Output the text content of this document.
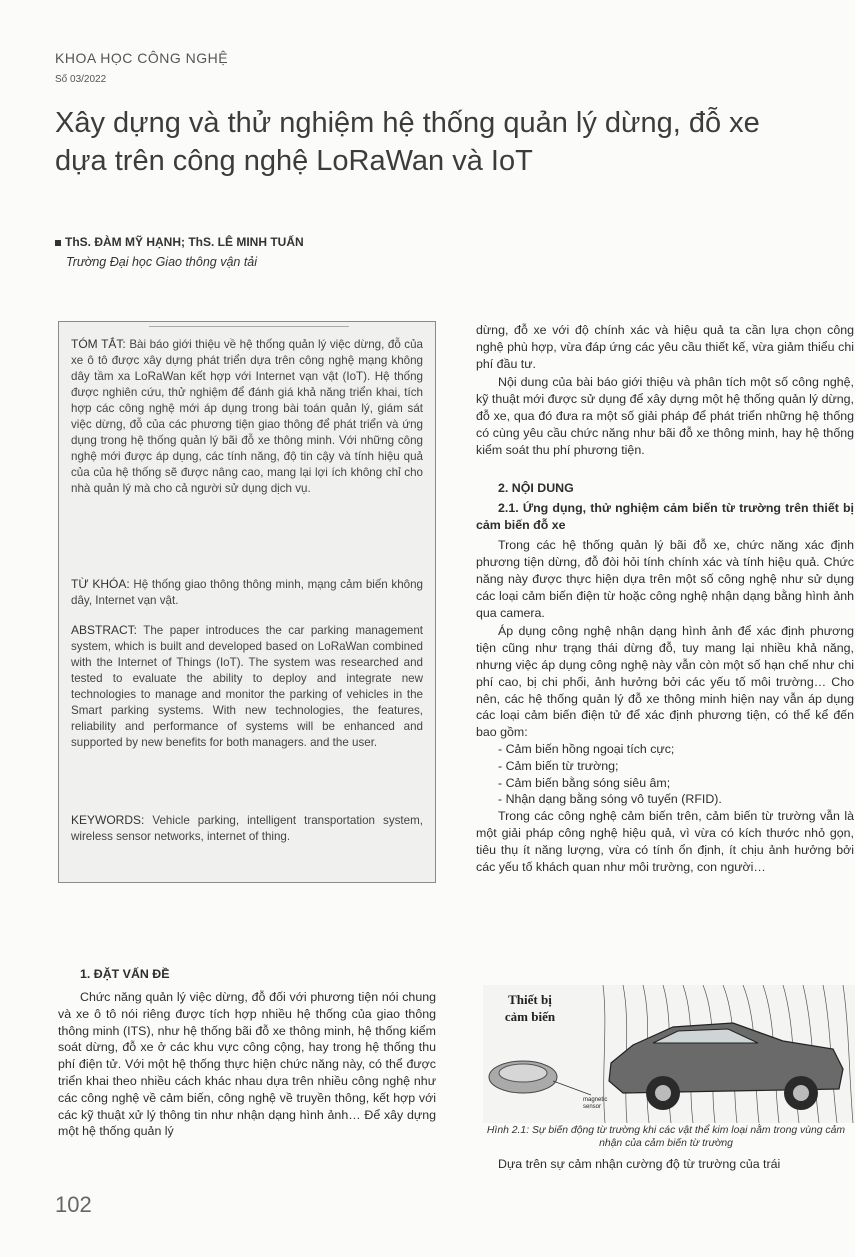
KHOA HỌC CÔNG NGHỆ
Số 03/2022
Xây dựng và thử nghiệm hệ thống quản lý dừng, đỗ xe dựa trên công nghệ LoRaWan và IoT
ThS. ĐÀM MỸ HẠNH; ThS. LÊ MINH TUẤN
Trường Đại học Giao thông vận tải
TÓM TẮT: Bài báo giới thiệu về hệ thống quản lý việc dừng, đỗ của xe ô tô được xây dựng phát triển dựa trên công nghệ mạng không dây tầm xa LoRaWan kết hợp với Internet vạn vật (IoT). Hệ thống được nghiên cứu, thử nghiệm để đánh giá khả năng triển khai, tích hợp các công nghệ mới áp dụng trong bài toán quản lý, giám sát việc dừng, đỗ của các phương tiện giao thông để phát triển và ứng dụng trong hệ thống quản lý bãi đỗ xe thông minh. Với những công nghệ mới được áp dụng, các tính năng, độ tin cậy và tính hiệu quả của của hệ thống sẽ được nâng cao, mang lại lợi ích không chỉ cho nhà quản lý mà cho cả người sử dụng dịch vụ.
TỪ KHÓA: Hệ thống giao thông thông minh, mạng cảm biến không dây, Internet vạn vật.
ABSTRACT: The paper introduces the car parking management system, which is built and developed based on LoRaWan combined with the Internet of Things (IoT). The system was researched and tested to evaluate the ability to deploy and integrate new technologies to manage and monitor the parking of vehicles in the Smart parking systems. With new technologies, the features, reliability and performance of systems will be enhanced and supported by new benefits for both managers. and the user.
KEYWORDS: Vehicle parking, intelligent transportation system, wireless sensor networks, internet of thing.

1. ĐẶT VẤN ĐỀ

Chức năng quản lý việc dừng, đỗ đối với phương tiện nói chung và xe ô tô nói riêng được tích hợp nhiều hệ thống của giao thông thông minh (ITS), như hệ thống bãi đỗ xe thông minh, hệ thống kiểm soát dừng, đỗ xe ở các khu vực công cộng, hay trong hệ thống thu phí điện tử. Với một hệ thống thực hiện chức năng này, có thể được triển khai theo nhiều cách khác nhau dựa trên nhiều công nghệ như các công nghệ về cảm biến, công nghệ về truyền thông, kết hợp với các kỹ thuật xử lý thông tin như nhận dạng hình ảnh… Để xây dựng một hệ thống quản lý

dừng, đỗ xe với độ chính xác và hiệu quả ta cần lựa chọn công nghệ phù hợp, vừa đáp ứng các yêu cầu thiết kế, vừa giảm thiểu chi phí đầu tư.

Nội dung của bài báo giới thiệu và phân tích một số công nghệ, kỹ thuật mới được sử dụng để xây dựng một hệ thống quản lý dừng, đỗ xe, qua đó đưa ra một số giải pháp để phát triển những hệ thống có cùng yêu cầu chức năng như bãi đỗ xe thông minh, hay hệ thống kiểm soát thu phí phương tiện.

2. NỘI DUNG

2.1. Ứng dụng, thử nghiệm cảm biến từ trường trên thiết bị cảm biến đỗ xe

Trong các hệ thống quản lý bãi đỗ xe, chức năng xác định phương tiện dừng, đỗ đòi hỏi tính chính xác và tính hiệu quả. Chức năng này được thực hiện dựa trên một số công nghệ như sử dụng các loại cảm biến điện từ hoặc công nghệ nhận dạng bằng hình ảnh qua camera.

Áp dụng công nghệ nhận dạng hình ảnh để xác định phương tiện cũng như trạng thái dừng đỗ, tuy mang lại nhiều khả năng, nhưng việc áp dụng công nghệ này vẫn còn một số hạn chế như chi phí cao, bị chi phối, ảnh hưởng bởi các yếu tố môi trường… Cho nên, các hệ thống quản lý đỗ xe thông minh hiện nay vẫn áp dụng các loại cảm biến điện tử để xác định phương tiện, có thể kể đến bao gồm:

- Cảm biến hồng ngoại tích cực;

- Cảm biến từ trường;

- Cảm biến bằng sóng siêu âm;

- Nhận dạng bằng sóng vô tuyến (RFID).

Trong các công nghệ cảm biến trên, cảm biến từ trường vẫn là một giải pháp công nghệ hiệu quả, vì vừa có kích thước nhỏ gọn, tiêu thụ ít năng lượng, vừa có tính ổn định, ít chịu ảnh hưởng bởi các yếu tố khách quan như môi trường, con người…

Thiết bị cảm biến
magnetic sensor
Hình 2.1: Sự biến động từ trường khi các vật thể kim loại nằm trong vùng cảm nhận của cảm biến từ trường

Dựa trên sự cảm nhận cường độ từ trường của trái

102
